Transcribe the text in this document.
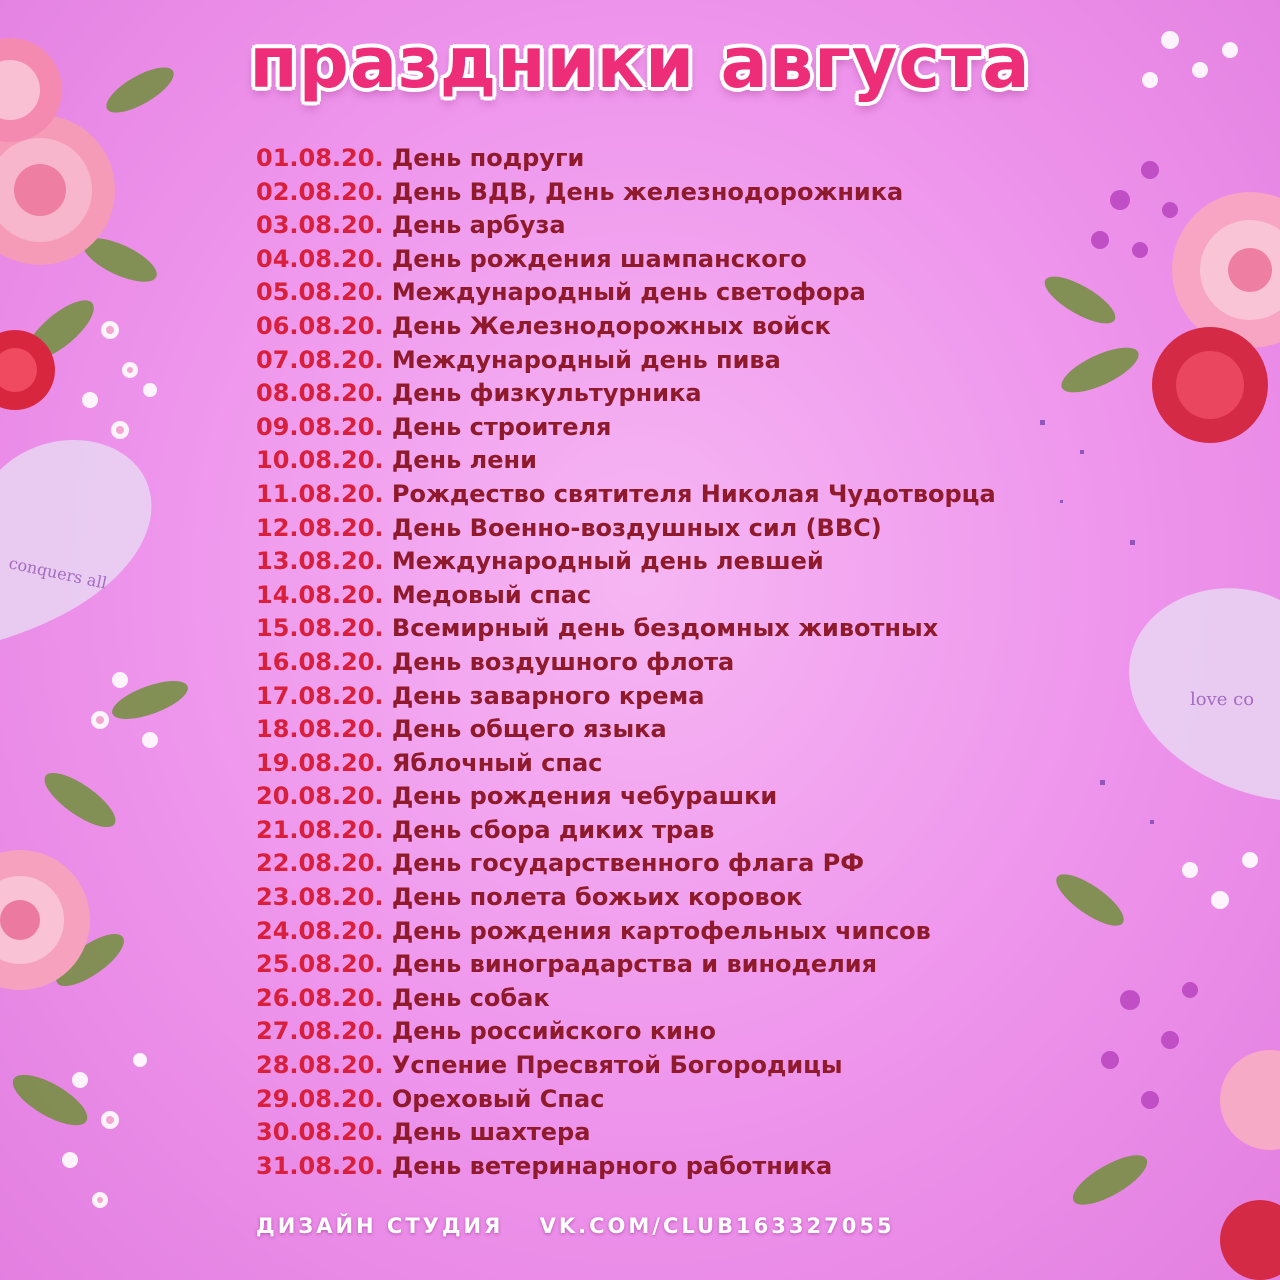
conquers all
love co
праздники августа
01.08.20. День подруги
02.08.20. День ВДВ, День железнодорожника
03.08.20. День арбуза
04.08.20. День рождения шампанского
05.08.20. Международный день светофора
06.08.20. День Железнодорожных войск
07.08.20. Международный день пива
08.08.20. День физкультурника
09.08.20. День строителя
10.08.20. День лени
11.08.20. Рождество святителя Николая Чудотворца
12.08.20. День Военно-воздушных сил (ВВС)
13.08.20. Международный день левшей
14.08.20. Медовый спас
15.08.20. Всемирный день бездомных животных
16.08.20. День воздушного флота
17.08.20. День заварного крема
18.08.20. День общего языка
19.08.20. Яблочный спас
20.08.20. День рождения чебурашки
21.08.20. День сбора диких трав
22.08.20. День государственного флага РФ
23.08.20. День полета божьих коровок
24.08.20. День рождения картофельных чипсов
25.08.20. День виноградарства и виноделия
26.08.20. День собак
27.08.20. День российского кино
28.08.20. Успение Пресвятой Богородицы
29.08.20. Ореховый Спас
30.08.20. День шахтера
31.08.20. День ветеринарного работника
ДИЗАЙН СТУДИЯ VK.COM/CLUB163327055
